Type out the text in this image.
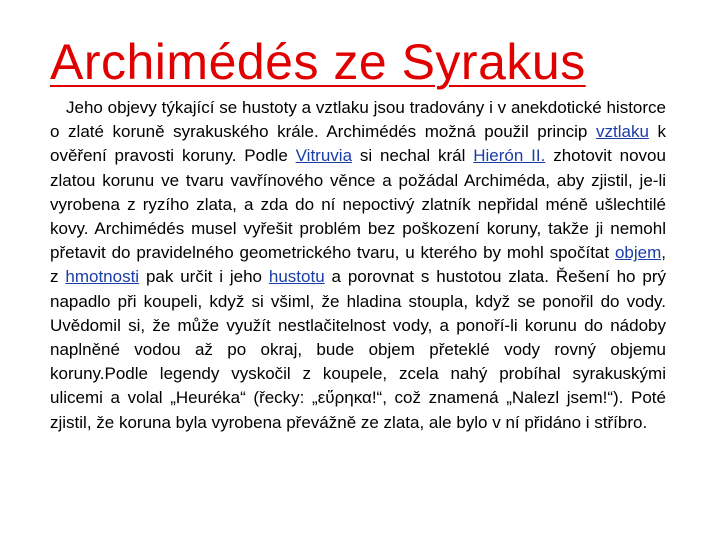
Archimédés ze Syrakus

Jeho objevy týkající se hustoty a vztlaku jsou tradovány i v anekdotické historce o zlaté koruně syrakuského krále. Archimédés možná použil princip vztlaku k ověření pravosti koruny. Podle Vitruvia si nechal král Hierón II. zhotovit novou zlatou korunu ve tvaru vavřínového věnce a požádal Archiméda, aby zjistil, je-li vyrobena z ryzího zlata, a zda do ní nepoctivý zlatník nepřidal méně ušlechtilé kovy. Archimédés musel vyřešit problém bez poškození koruny, takže ji nemohl přetavit do pravidelného geometrického tvaru, u kterého by mohl spočítat objem, z hmotnosti pak určit i jeho hustotu a porovnat s hustotou zlata. Řešení ho prý napadlo při koupeli, když si všiml, že hladina stoupla, když se ponořil do vody. Uvědomil si, že může využít nestlačitelnost vody, a ponoří-li korunu do nádoby naplněné vodou až po okraj, bude objem přeteklé vody rovný objemu koruny.Podle legendy vyskočil z koupele, zcela nahý probíhal syrakuskými ulicemi a volal „Heuréka“ (řecky: „εὕρηκα!“, což znamená „Nalezl jsem!“). Poté zjistil, že koruna byla vyrobena převážně ze zlata, ale bylo v ní přidáno i stříbro.
